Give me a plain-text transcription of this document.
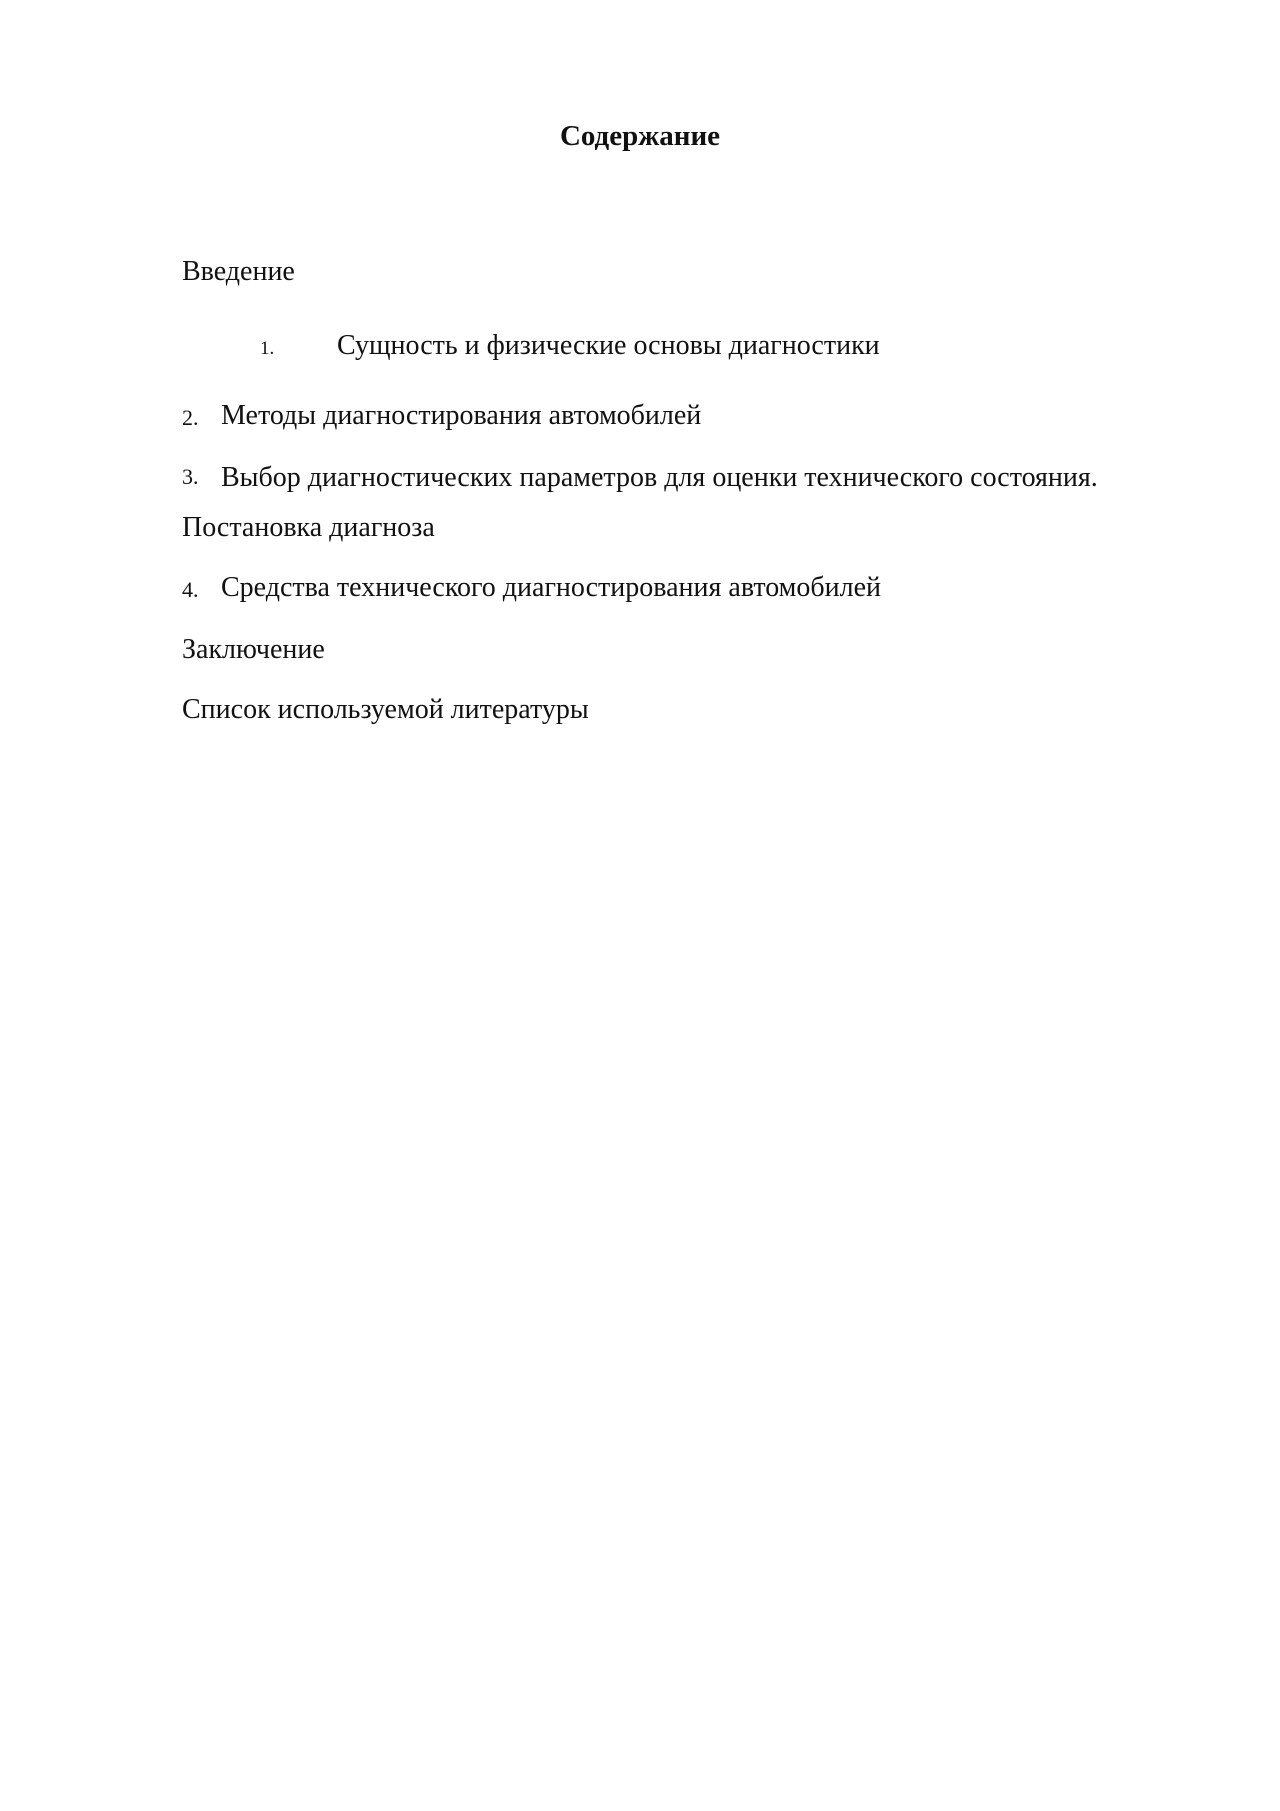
Содержание

Введение

1. Сущность и физические основы диагностики

2. Методы диагностирования автомобилей

3. Выбор диагностических параметров для оценки технического состояния.

Постановка диагноза

4. Средства технического диагностирования автомобилей

Заключение

Список используемой литературы
